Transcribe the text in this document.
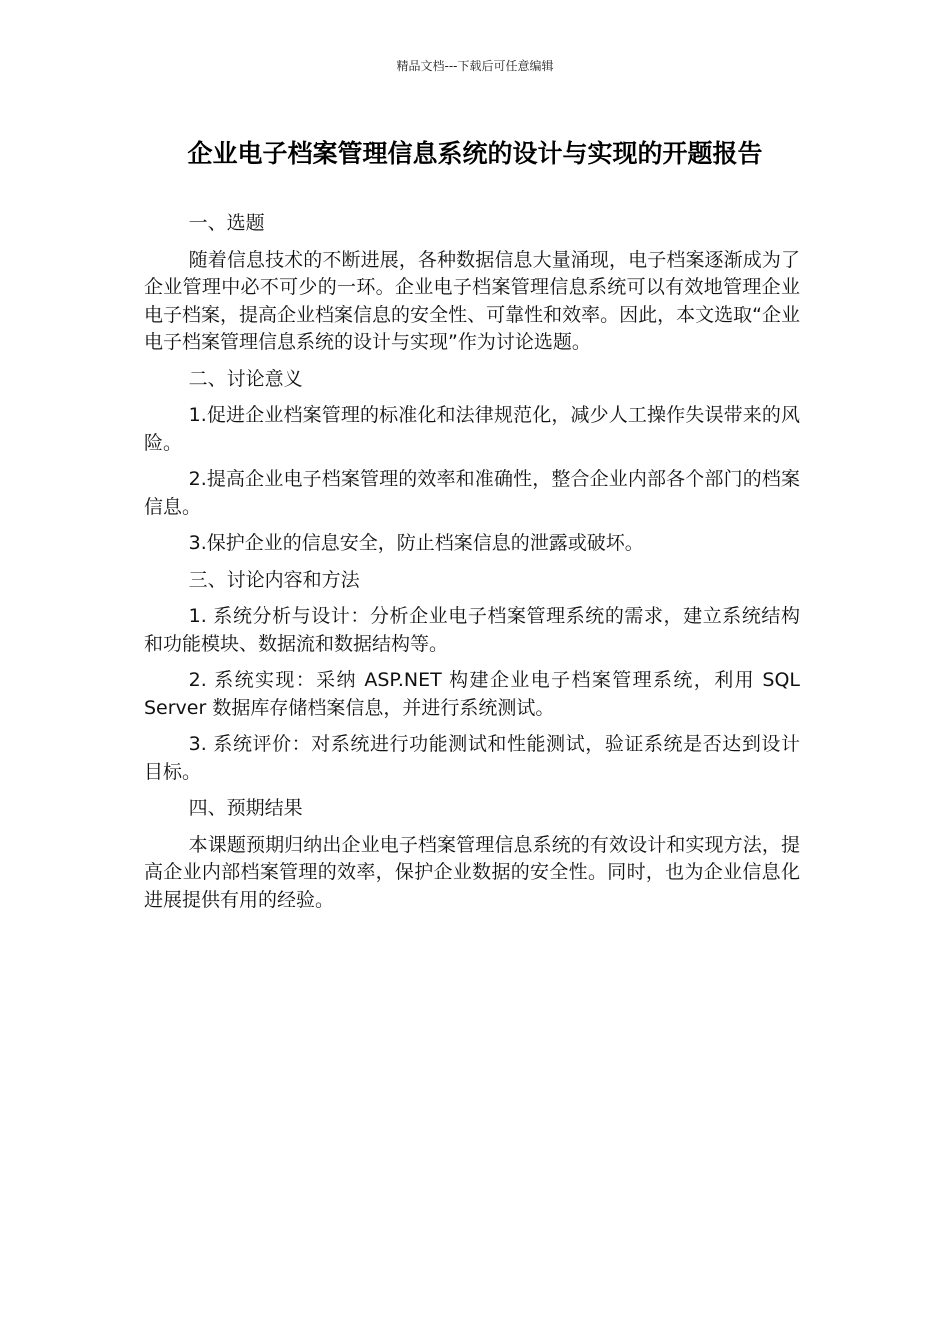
精品文档---下载后可任意编辑
企业电子档案管理信息系统的设计与实现的开题报告

一、选题

随着信息技术的不断进展，各种数据信息大量涌现，电子档案逐渐成为了企业管理中必不可少的一环。企业电子档案管理信息系统可以有效地管理企业电子档案，提高企业档案信息的安全性、可靠性和效率。因此，本文选取“企业电子档案管理信息系统的设计与实现”作为讨论选题。

二、讨论意义

1.促进企业档案管理的标准化和法律规范化，减少人工操作失误带来的风险。

2.提高企业电子档案管理的效率和准确性，整合企业内部各个部门的档案信息。

3.保护企业的信息安全，防止档案信息的泄露或破坏。

三、讨论内容和方法

1. 系统分析与设计：分析企业电子档案管理系统的需求，建立系统结构和功能模块、数据流和数据结构等。

2. 系统实现：采纳 ASP.NET 构建企业电子档案管理系统，利用 SQL Server 数据库存储档案信息，并进行系统测试。

3. 系统评价：对系统进行功能测试和性能测试，验证系统是否达到设计目标。

四、预期结果

本课题预期归纳出企业电子档案管理信息系统的有效设计和实现方法，提高企业内部档案管理的效率，保护企业数据的安全性。同时，也为企业信息化进展提供有用的经验。
